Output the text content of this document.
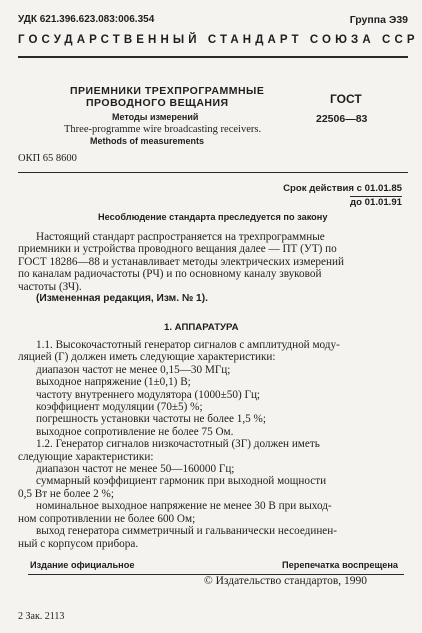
УДК 621.396.623.083:006.354	Группа Э39
ГОСУДАРСТВЕННЫЙ СТАНДАРТ СОЮЗА ССР
ПРИЕМНИКИ ТРЕХПРОГРАММНЫЕ
ПРОВОДНОГО ВЕЩАНИЯ
Методы измерений
Three-programme wire broadcasting receivers.
Methods of measurements
ГОСТ
22506—83
ОКП 65 8600
Срок действия с 01.01.85
до 01.01.91
Несоблюдение стандарта преследуется по закону
Настоящий стандарт распространяется на трехпрограммные
приемники и устройства проводного вещания далее — ПТ (УТ) по
ГОСТ 18286—88 и устанавливает методы электрических измерений
по каналам радиочастоты (РЧ) и по основному каналу звуковой
частоты (ЗЧ).
(Измененная редакция, Изм. № 1).
1. АППАРАТУРА
1.1. Высокочастотный генератор сигналов с амплитудной моду-
ляцией (Г) должен иметь следующие характеристики:
диапазон частот не менее 0,15—30 МГц;
выходное напряжение (1±0,1) В;
частоту внутреннего модулятора (1000±50) Гц;
коэффициент модуляции (70±5) %;
погрешность установки частоты не более 1,5 %;
выходное сопротивление не более 75 Ом.
1.2. Генератор сигналов низкочастотный (ЗГ) должен иметь
следующие характеристики:
диапазон частот не менее 50—160000 Гц;
суммарный коэффициент гармоник при выходной мощности
0,5 Вт не более 2 %;
номинальное выходное напряжение не менее 30 В при выход-
ном сопротивлении не более 600 Ом;
выход генератора симметричный и гальванически несоединен-
ный с корпусом прибора.
Издание официальное	Перепечатка воспрещена
© Издательство стандартов, 1990
2 Зак. 2113
